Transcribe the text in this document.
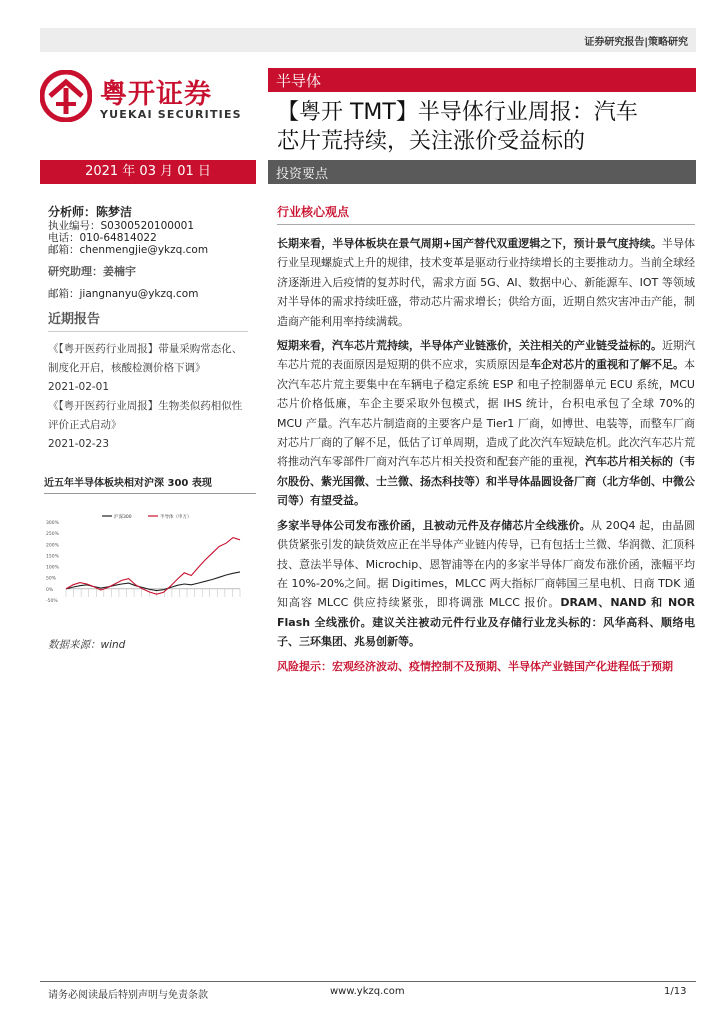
证券研究报告|策略研究
粤开证券
YUEKAI SECURITIES
半导体
【粤开 TMT】半导体行业周报：汽车
芯片荒持续，关注涨价受益标的
2021 年 03 月 01 日	投资要点
分析师：陈梦洁
执业编号：S0300520100001
电话：010-64814022
邮箱：chenmengjie@ykzq.com
研究助理：姜楠宇
邮箱：jiangnanyu@ykzq.com
近期报告
《【粤开医药行业周报】带量采购常态化、制度化开启，核酸检测价格下调》
2021-02-01
《【粤开医药行业周报】生物类似药相似性评价正式启动》
2021-02-23
近五年半导体板块相对沪深 300 表现
300%
250%
200%
150%
100%
50%
0%
-50%
沪深300	半导体（申万）
数据来源：wind
行业核心观点

长期来看，半导体板块在景气周期+国产替代双重逻辑之下，预计景气度持续。半导体行业呈现螺旋式上升的规律，技术变革是驱动行业持续增长的主要推动力。当前全球经济逐渐进入后疫情的复苏时代，需求方面 5G、AI、数据中心、新能源车、IOT 等领域对半导体的需求持续旺盛，带动芯片需求增长；供给方面，近期自然灾害冲击产能，制造商产能利用率持续满载。

短期来看，汽车芯片荒持续，半导体产业链涨价，关注相关的产业链受益标的。近期汽车芯片荒的表面原因是短期的供不应求，实质原因是车企对芯片的重视和了解不足。本次汽车芯片荒主要集中在车辆电子稳定系统 ESP 和电子控制器单元 ECU 系统，MCU 芯片价格低廉，车企主要采取外包模式，据 IHS 统计，台积电承包了全球 70%的 MCU 产量。汽车芯片制造商的主要客户是 Tier1 厂商，如博世、电装等，而整车厂商对芯片厂商的了解不足，低估了订单周期，造成了此次汽车短缺危机。此次汽车芯片荒将推动汽车零部件厂商对汽车芯片相关投资和配套产能的重视，汽车芯片相关标的（韦尔股份、紫光国微、士兰微、扬杰科技等）和半导体晶圆设备厂商（北方华创、中微公司等）有望受益。

多家半导体公司发布涨价函，且被动元件及存储芯片全线涨价。从 20Q4 起，由晶圆供货紧张引发的缺货效应正在半导体产业链内传导，已有包括士兰微、华润微、汇顶科技、意法半导体、Microchip、恩智浦等在内的多家半导体厂商发布涨价函，涨幅平均在 10%-20%之间。据 Digitimes，MLCC 两大指标厂商韩国三星电机、日商 TDK 通知高容 MLCC 供应持续紧张，即将调涨 MLCC 报价。DRAM、NAND 和 NOR Flash 全线涨价。建议关注被动元件行业及存储行业龙头标的：风华高科、顺络电子、三环集团、兆易创新等。

风险提示：宏观经济波动、疫情控制不及预期、半导体产业链国产化进程低于预期
请务必阅读最后特别声明与免责条款	www.ykzq.com	1/13
